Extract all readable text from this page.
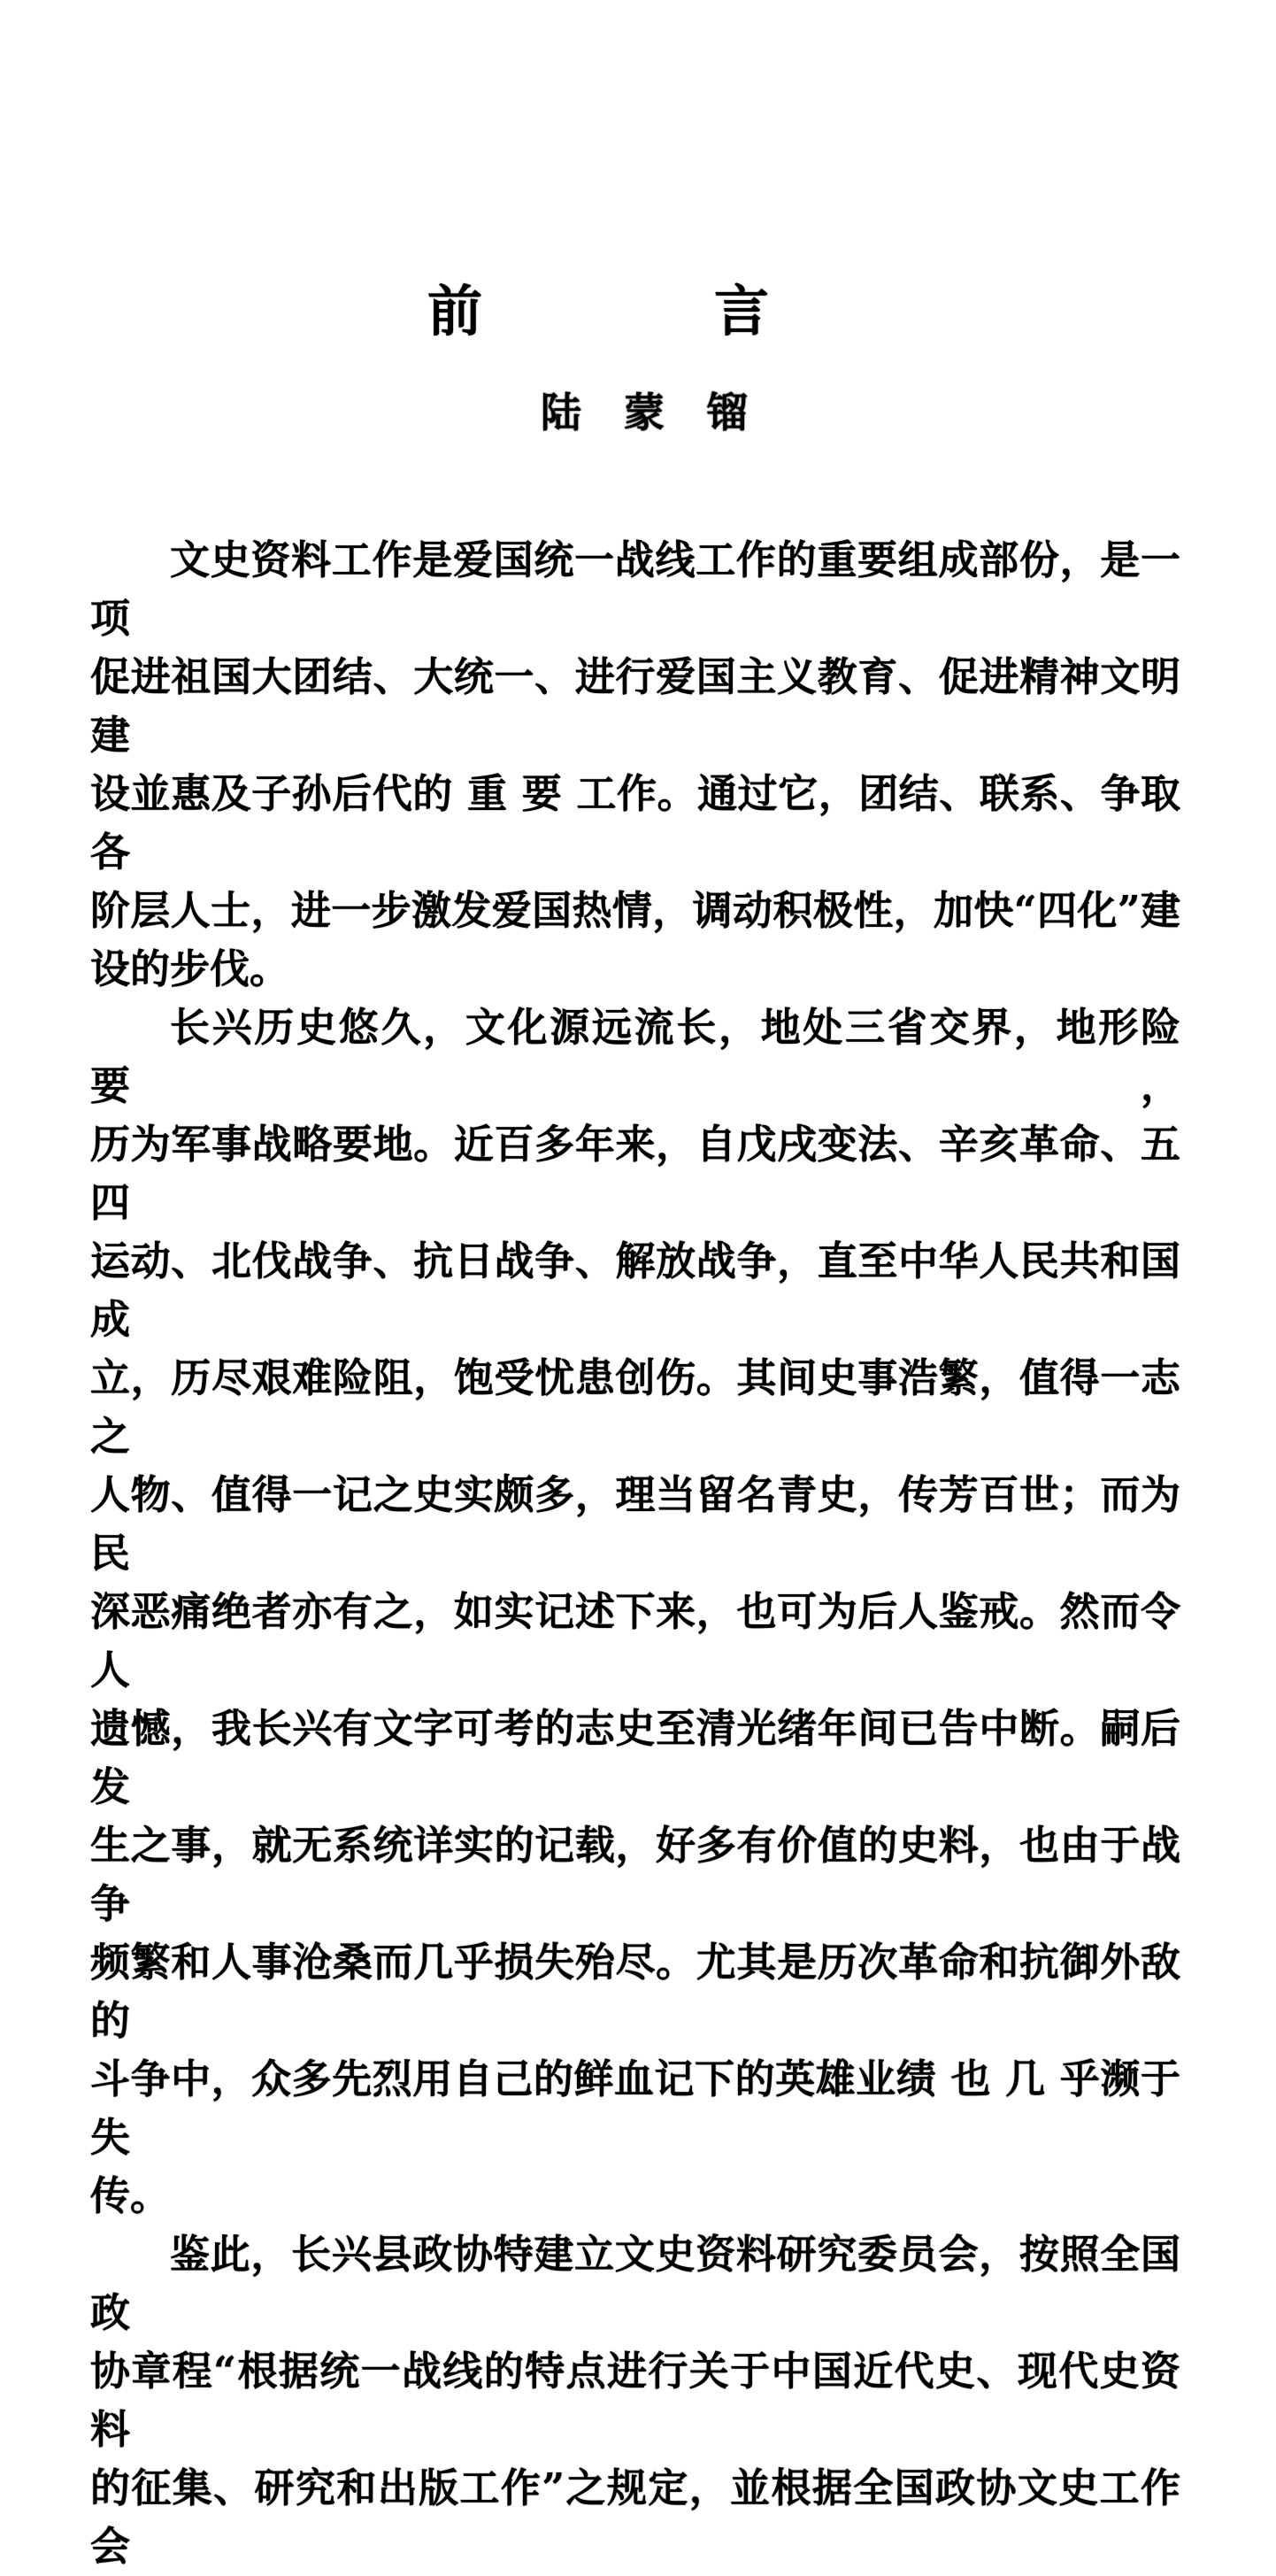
前	言
陆 蒙 镏
文史资料工作是爱国统一战线工作的重要组成部份，是一项
促进祖国大团结、大统一、进行爱国主义教育、促进精神文明建
设並惠及子孙后代的 重 要 工作。通过它，团结、联系、争取各
阶层人士，进一步激发爱国热情，调动积极性，加快“四化”建
设的步伐。
长兴历史悠久，文化源远流长，地处三省交界，地形险要，
历为军事战略要地。近百多年来，自戊戌变法、辛亥革命、五四
运动、北伐战争、抗日战争、解放战争，直至中华人民共和国成
立，历尽艰难险阻，饱受忧患创伤。其间史事浩繁，值得一志之
人物、值得一记之史实颇多，理当留名青史，传芳百世；而为民
深恶痛绝者亦有之，如实记述下来，也可为后人鉴戒。然而令人
遗憾，我长兴有文字可考的志史至清光绪年间已告中断。嗣后发
生之事，就无系统详实的记载，好多有价值的史料，也由于战争
频繁和人事沧桑而几乎损失殆尽。尤其是历次革命和抗御外敌的
斗争中，众多先烈用自己的鲜血记下的英雄业绩 也 几 乎濒于失
传。
鉴此，长兴县政协特建立文史资料研究委员会，按照全国政
协章程“根据统一战线的特点进行关于中国近代史、现代史资料
的征集、研究和出版工作”之规定，並根据全国政协文史工作会
